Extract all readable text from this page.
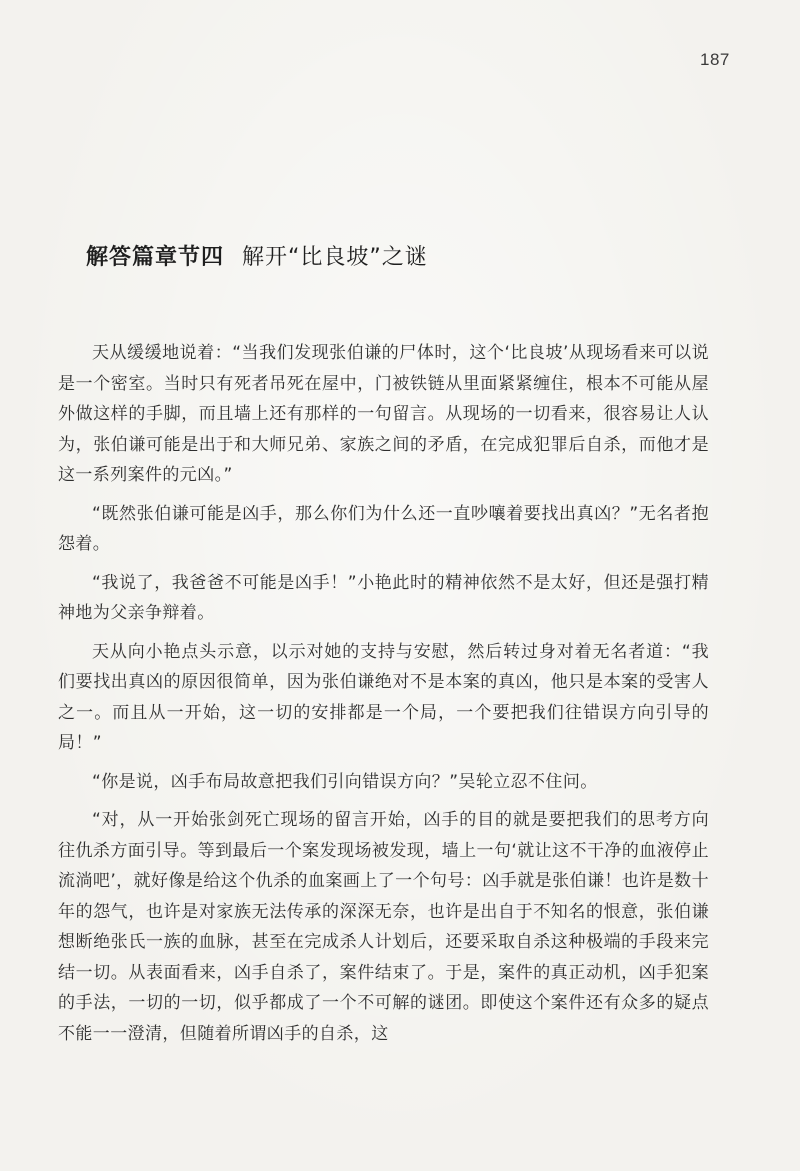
187
解答篇章节四 解开“比良坡”之谜

天从缓缓地说着：“当我们发现张伯谦的尸体时，这个‘比良坡’从现场看来可以说是一个密室。当时只有死者吊死在屋中，门被铁链从里面紧紧缠住，根本不可能从屋外做这样的手脚，而且墙上还有那样的一句留言。从现场的一切看来，很容易让人认为，张伯谦可能是出于和大师兄弟、家族之间的矛盾，在完成犯罪后自杀，而他才是这一系列案件的元凶。”

“既然张伯谦可能是凶手，那么你们为什么还一直吵嚷着要找出真凶？”无名者抱怨着。

“我说了，我爸爸不可能是凶手！”小艳此时的精神依然不是太好，但还是强打精神地为父亲争辩着。

天从向小艳点头示意，以示对她的支持与安慰，然后转过身对着无名者道：“我们要找出真凶的原因很简单，因为张伯谦绝对不是本案的真凶，他只是本案的受害人之一。而且从一开始，这一切的安排都是一个局，一个要把我们往错误方向引导的局！”

“你是说，凶手布局故意把我们引向错误方向？”吴轮立忍不住问。

“对，从一开始张剑死亡现场的留言开始，凶手的目的就是要把我们的思考方向往仇杀方面引导。等到最后一个案发现场被发现，墙上一句‘就让这不干净的血液停止流淌吧’，就好像是给这个仇杀的血案画上了一个句号：凶手就是张伯谦！也许是数十年的怨气，也许是对家族无法传承的深深无奈，也许是出自于不知名的恨意，张伯谦想断绝张氏一族的血脉，甚至在完成杀人计划后，还要采取自杀这种极端的手段来完结一切。从表面看来，凶手自杀了，案件结束了。于是，案件的真正动机，凶手犯案的手法，一切的一切，似乎都成了一个不可解的谜团。即使这个案件还有众多的疑点不能一一澄清，但随着所谓凶手的自杀，这
